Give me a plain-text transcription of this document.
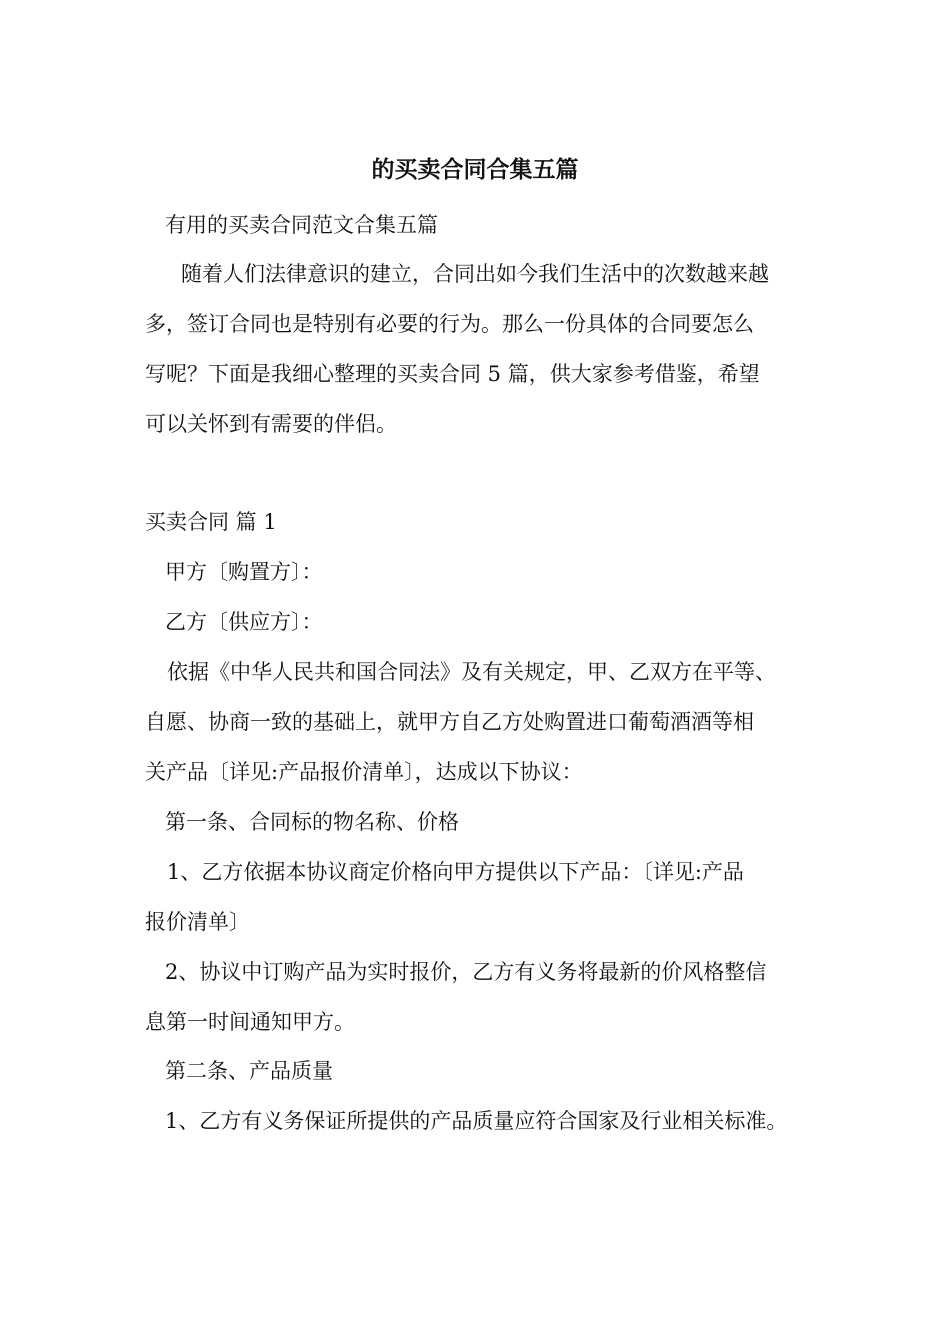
的买卖合同合集五篇
有用的买卖合同范文合集五篇
随着人们法律意识的建立，合同出如今我们生活中的次数越来越
多，签订合同也是特别有必要的行为。那么一份具体的合同要怎么
写呢？下面是我细心整理的买卖合同 5 篇，供大家参考借鉴，希望
可以关怀到有需要的伴侣。
买卖合同 篇 1
甲方〔购置方〕：
乙方〔供应方〕：
依据《中华人民共和国合同法》及有关规定，甲、乙双方在平等、
自愿、协商一致的基础上，就甲方自乙方处购置进口葡萄酒酒等相
关产品〔详见:产品报价清单〕，达成以下协议：
第一条、合同标的物名称、价格
1、乙方依据本协议商定价格向甲方提供以下产品：〔详见:产品
报价清单〕
2、协议中订购产品为实时报价，乙方有义务将最新的价风格整信
息第一时间通知甲方。
第二条、产品质量
1、乙方有义务保证所提供的产品质量应符合国家及行业相关标准。
